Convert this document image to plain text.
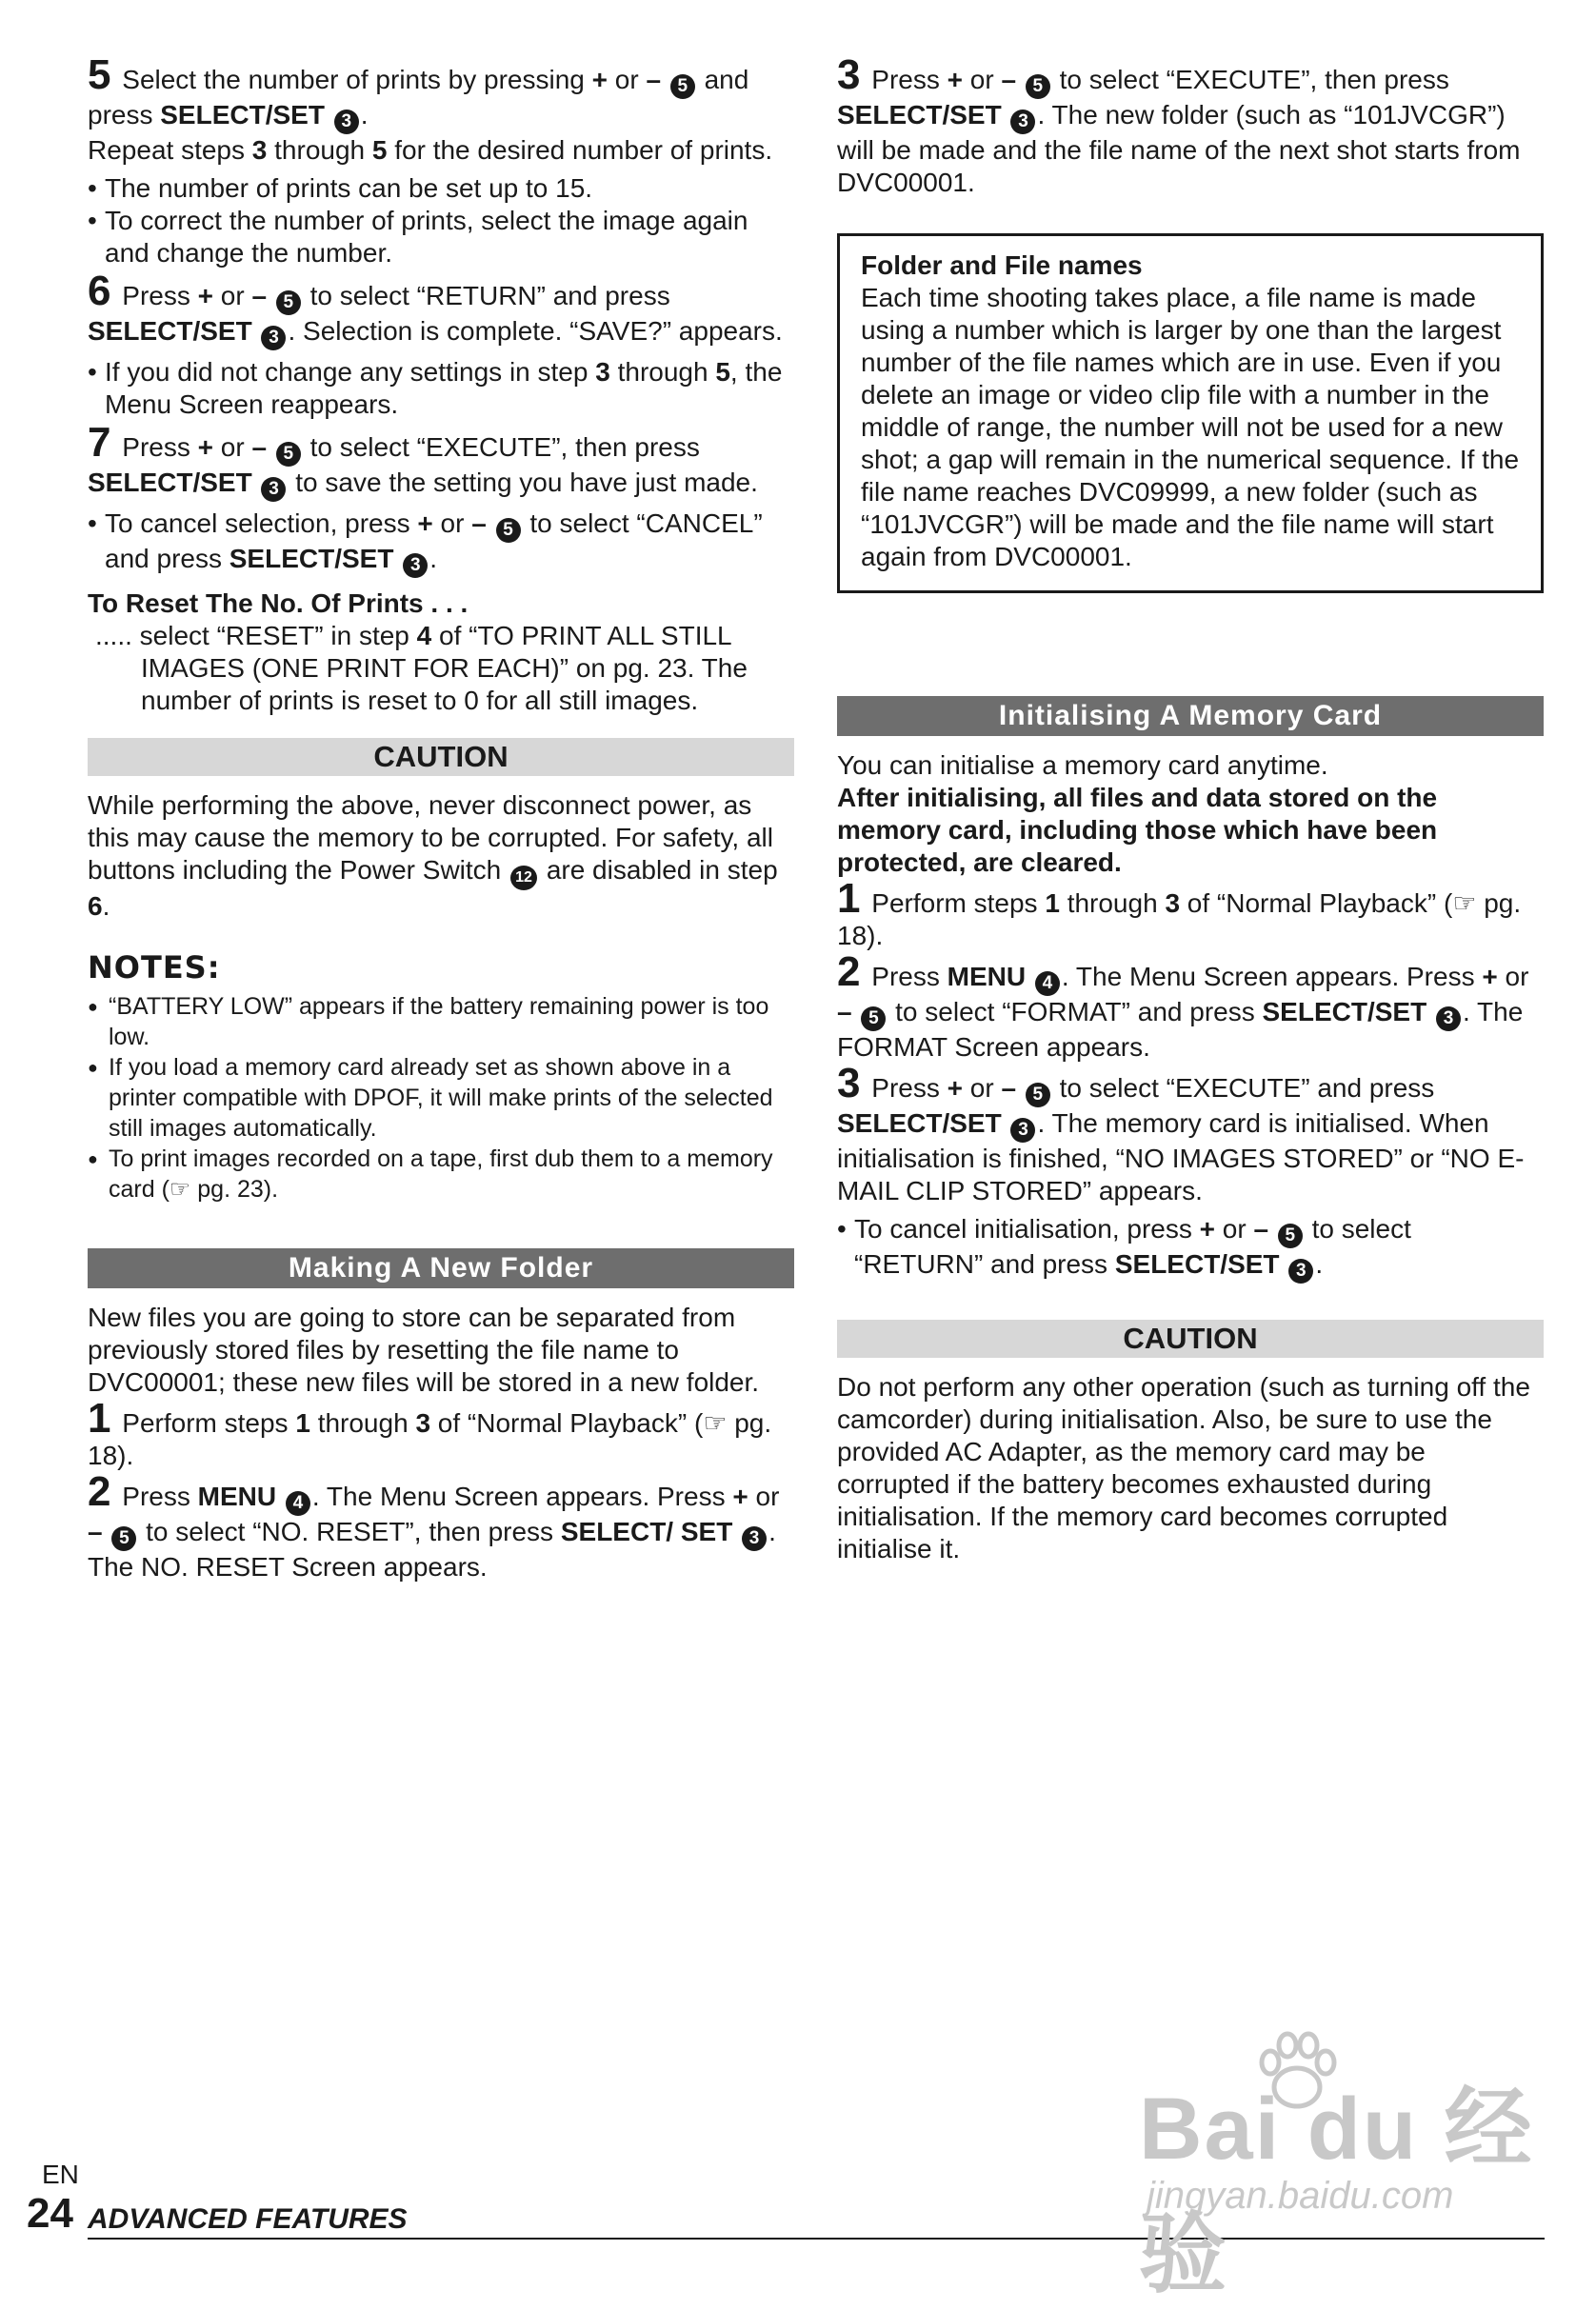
5 Select the number of prints by pressing + or – 5 and press SELECT/SET 3 .
Repeat steps 3 through 5 for the desired number of prints.

• The number of prints can be set up to 15.
• To correct the number of prints, select the image again and change the number.

6 Press + or – 5 to select “RETURN” and press SELECT/SET 3 . Selection is complete. “SAVE?” appears.

• If you did not change any settings in step 3 through 5, the Menu Screen reappears.

7 Press + or – 5 to select “EXECUTE”, then press SELECT/SET 3 to save the setting you have just made.

• To cancel selection, press + or – 5 to select “CANCEL” and press SELECT/SET 3 .

To Reset The No. Of Prints . . .

..... select “RESET” in step 4 of “TO PRINT ALL STILL IMAGES (ONE PRINT FOR EACH)” on pg. 23. The number of prints is reset to 0 for all still images.

CAUTION

While performing the above, never disconnect power, as this may cause the memory to be corrupted. For safety, all buttons including the Power Switch 12 are disabled in step 6.

NOTES:

● “BATTERY LOW” appears if the battery remaining power is too low.
● If you load a memory card already set as shown above in a printer compatible with DPOF, it will make prints of the selected still images automatically.
● To print images recorded on a tape, first dub them to a memory card (☞ pg. 23).
Making A New Folder

New files you are going to store can be separated from previously stored files by resetting the file name to DVC00001; these new files will be stored in a new folder.

1 Perform steps 1 through 3 of “Normal Playback” (☞ pg. 18).

2 Press MENU 4 . The Menu Screen appears. Press + or – 5 to select “NO. RESET”, then press SELECT/ SET 3 . The NO. RESET Screen appears.

3 Press + or – 5 to select “EXECUTE”, then press SELECT/SET 3 . The new folder (such as “101JVCGR”) will be made and the file name of the next shot starts from DVC00001.

Folder and File names

Each time shooting takes place, a file name is made using a number which is larger by one than the largest number of the file names which are in use. Even if you delete an image or video clip file with a number in the middle of range, the number will not be used for a new shot; a gap will remain in the numerical sequence. If the file name reaches DVC09999, a new folder (such as “101JVCGR”) will be made and the file name will start again from DVC00001.

Initialising A Memory Card

You can initialise a memory card anytime.

After initialising, all files and data stored on the memory card, including those which have been protected, are cleared.

1 Perform steps 1 through 3 of “Normal Playback” (☞ pg. 18).

2 Press MENU 4 . The Menu Screen appears. Press + or – 5 to select “FORMAT” and press SELECT/SET 3 . The FORMAT Screen appears.

3 Press + or – 5 to select “EXECUTE” and press SELECT/SET 3 . The memory card is initialised. When initialisation is finished, “NO IMAGES STORED” or “NO E-MAIL CLIP STORED” appears.

• To cancel initialisation, press + or – 5 to select “RETURN” and press SELECT/SET 3 .
CAUTION

Do not perform any other operation (such as turning off the camcorder) during initialisation. Also, be sure to use the provided AC Adapter, as the memory card may be corrupted if the battery becomes exhausted during initialisation. If the memory card becomes corrupted initialise it.

EN
24 ADVANCED FEATURES
Bai du 经验
jingyan.baidu.com
